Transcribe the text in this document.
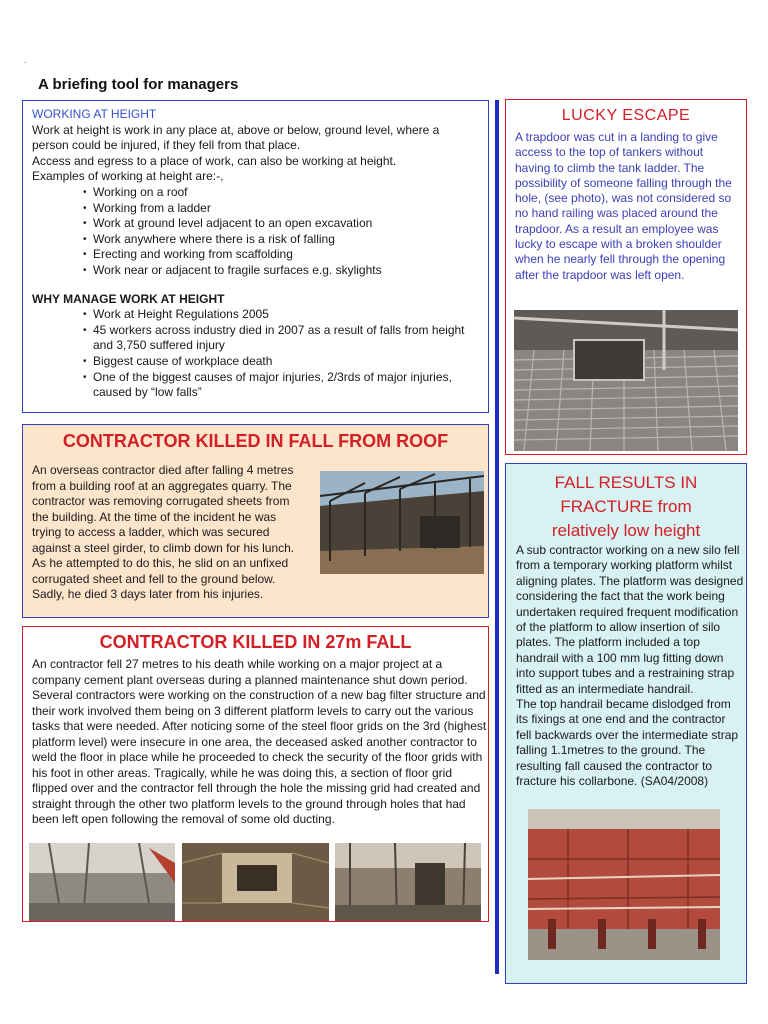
.
A briefing tool for managers
WORKING AT HEIGHT
Work at height is work in any place at, above or below, ground level, where a person could be injured, if they fell from that place.
Access and egress to a place of work, can also be working at height.
Examples of working at height are:-,
• Working on a roof
• Working from a ladder
• Work at ground level adjacent to an open excavation
• Work anywhere where there is a risk of falling
• Erecting and working from scaffolding
• Work near or adjacent to fragile surfaces e.g. skylights
WHY MANAGE WORK AT HEIGHT
• Work at Height Regulations 2005
• 45 workers across industry died in 2007 as a result of falls from height and 3,750 suffered injury
• Biggest cause of workplace death
• One of the biggest causes of major injuries, 2/3rds of major injuries, caused by “low falls”
LUCKY ESCAPE
A trapdoor was cut in a landing to give access to the top of tankers without having to climb the tank ladder. The possibility of someone falling through the hole, (see photo), was not considered so no hand railing was placed around the trapdoor. As a result an employee was lucky to escape with a broken shoulder when he nearly fell through the opening after the trapdoor was left open.
CONTRACTOR KILLED IN FALL FROM ROOF
An overseas contractor died after falling 4 metres from a building roof at an aggregates quarry. The contractor was removing corrugated sheets from the building. At the time of the incident he was trying to access a ladder, which was secured against a steel girder, to climb down for his lunch. As he attempted to do this, he slid on an unfixed corrugated sheet and fell to the ground below. Sadly, he died 3 days later from his injuries.
FALL RESULTS IN
FRACTURE from
relatively low height
A sub contractor working on a new silo fell from a temporary working platform whilst aligning plates. The platform was designed considering the fact that the work being undertaken required frequent modification of the platform to allow insertion of silo plates. The platform included a top handrail with a 100 mm lug fitting down into support tubes and a restraining strap fitted as an intermediate handrail.
The top handrail became dislodged from its fixings at one end and the contractor fell backwards over the intermediate strap falling 1.1metres to the ground. The resulting fall caused the contractor to fracture his collarbone. (SA04/2008)
CONTRACTOR KILLED IN 27m FALL
An contractor fell 27 metres to his death while working on a major project at a company cement plant overseas during a planned maintenance shut down period. Several contractors were working on the construction of a new bag filter structure and their work involved them being on 3 different platform levels to carry out the various tasks that were needed. After noticing some of the steel floor grids on the 3rd (highest platform level) were insecure in one area, the deceased asked another contractor to weld the floor in place while he proceeded to check the security of the floor grids with his foot in other areas. Tragically, while he was doing this, a section of floor grid flipped over and the contractor fell through the hole the missing grid had created and straight through the other two platform levels to the ground through holes that had been left open following the removal of some old ducting.
